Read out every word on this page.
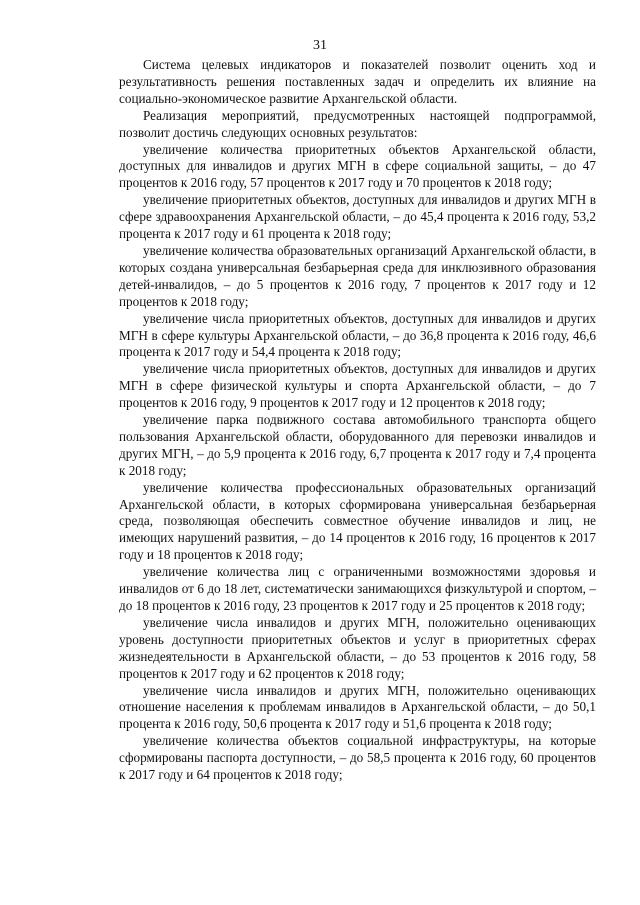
31

Система целевых индикаторов и показателей позволит оценить ход и результативность решения поставленных задач и определить их влияние на социально-экономическое развитие Архангельской области.

Реализация мероприятий, предусмотренных настоящей подпрограммой, позволит достичь следующих основных результатов:

увеличение количества приоритетных объектов Архангельской области, доступных для инвалидов и других МГН в сфере социальной защиты, – до 47 процентов к 2016 году, 57 процентов к 2017 году и 70 процентов к 2018 году;

увеличение приоритетных объектов, доступных для инвалидов и других МГН в сфере здравоохранения Архангельской области, – до 45,4 процента к 2016 году, 53,2 процента к 2017 году и 61 процента к 2018 году;

увеличение количества образовательных организаций Архангельской области, в которых создана универсальная безбарьерная среда для инклюзивного образования детей-инвалидов, – до 5 процентов к 2016 году, 7 процентов к 2017 году и 12 процентов к 2018 году;

увеличение числа приоритетных объектов, доступных для инвалидов и других МГН в сфере культуры Архангельской области, – до 36,8 процента к 2016 году, 46,6 процента к 2017 году и 54,4 процента к 2018 году;

увеличение числа приоритетных объектов, доступных для инвалидов и других МГН в сфере физической культуры и спорта Архангельской области, – до 7 процентов к 2016 году, 9 процентов к 2017 году и 12 процентов к 2018 году;

увеличение парка подвижного состава автомобильного транспорта общего пользования Архангельской области, оборудованного для перевозки инвалидов и других МГН, – до 5,9 процента к 2016 году, 6,7 процента к 2017 году и 7,4 процента к 2018 году;

увеличение количества профессиональных образовательных организаций Архангельской области, в которых сформирована универсальная безбарьерная среда, позволяющая обеспечить совместное обучение инвалидов и лиц, не имеющих нарушений развития, – до 14 процентов к 2016 году, 16 процентов к 2017 году и 18 процентов к 2018 году;

увеличение количества лиц с ограниченными возможностями здоровья и инвалидов от 6 до 18 лет, систематически занимающихся физкультурой и спортом, – до 18 процентов к 2016 году, 23 процентов к 2017 году и 25 процентов к 2018 году;

увеличение числа инвалидов и других МГН, положительно оценивающих уровень доступности приоритетных объектов и услуг в приоритетных сферах жизнедеятельности в Архангельской области, – до 53 процентов к 2016 году, 58 процентов к 2017 году и 62 процентов к 2018 году;

увеличение числа инвалидов и других МГН, положительно оценивающих отношение населения к проблемам инвалидов в Архангельской области, – до 50,1 процента к 2016 году, 50,6 процента к 2017 году и 51,6 процента к 2018 году;

увеличение количества объектов социальной инфраструктуры, на которые сформированы паспорта доступности, – до 58,5 процента к 2016 году, 60 процентов к 2017 году и 64 процентов к 2018 году;
